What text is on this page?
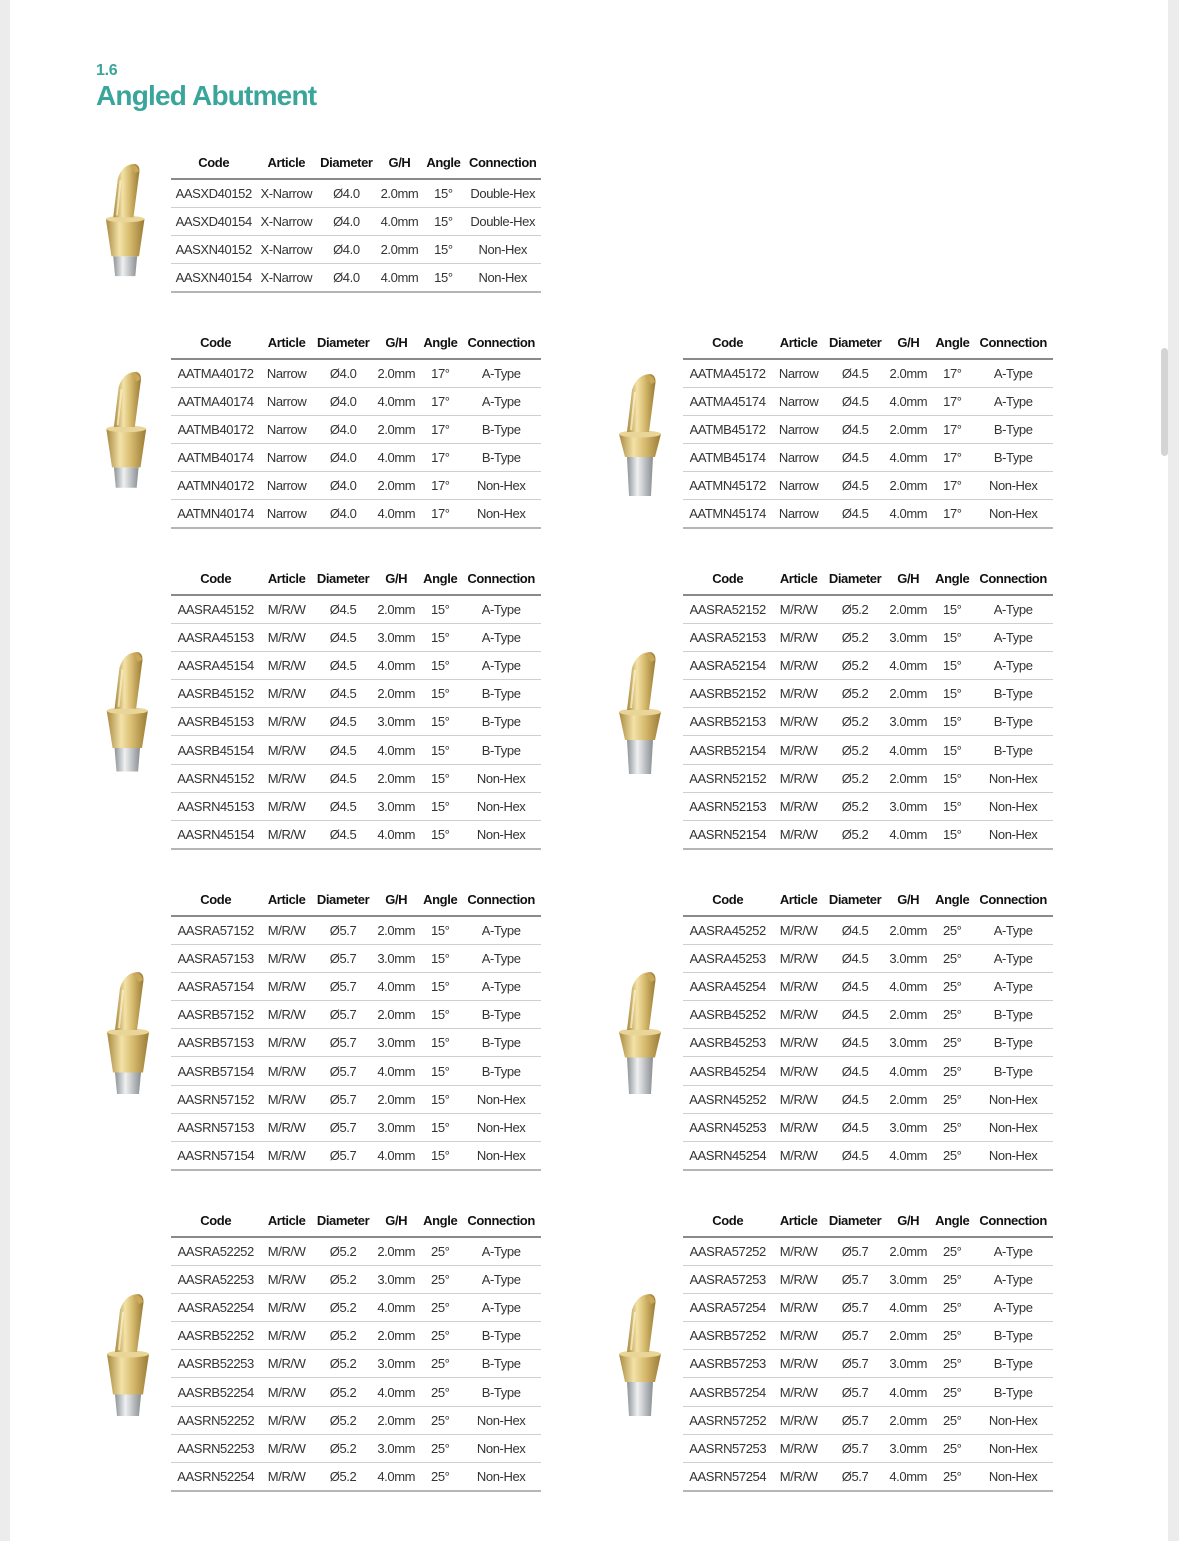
1.6
Angled Abutment
Code	Article	Diameter	G/H	Angle	Connection
AASXD40152	X-Narrow	Ø4.0	2.0mm	15°	Double-Hex
AASXD40154	X-Narrow	Ø4.0	4.0mm	15°	Double-Hex
AASXN40152	X-Narrow	Ø4.0	2.0mm	15°	Non-Hex
AASXN40154	X-Narrow	Ø4.0	4.0mm	15°	Non-Hex
Code	Article	Diameter	G/H	Angle	Connection
AATMA40172	Narrow	Ø4.0	2.0mm	17°	A-Type
AATMA40174	Narrow	Ø4.0	4.0mm	17°	A-Type
AATMB40172	Narrow	Ø4.0	2.0mm	17°	B-Type
AATMB40174	Narrow	Ø4.0	4.0mm	17°	B-Type
AATMN40172	Narrow	Ø4.0	2.0mm	17°	Non-Hex
AATMN40174	Narrow	Ø4.0	4.0mm	17°	Non-Hex
Code	Article	Diameter	G/H	Angle	Connection
AATMA45172	Narrow	Ø4.5	2.0mm	17°	A-Type
AATMA45174	Narrow	Ø4.5	4.0mm	17°	A-Type
AATMB45172	Narrow	Ø4.5	2.0mm	17°	B-Type
AATMB45174	Narrow	Ø4.5	4.0mm	17°	B-Type
AATMN45172	Narrow	Ø4.5	2.0mm	17°	Non-Hex
AATMN45174	Narrow	Ø4.5	4.0mm	17°	Non-Hex
Code	Article	Diameter	G/H	Angle	Connection
AASRA45152	M/R/W	Ø4.5	2.0mm	15°	A-Type
AASRA45153	M/R/W	Ø4.5	3.0mm	15°	A-Type
AASRA45154	M/R/W	Ø4.5	4.0mm	15°	A-Type
AASRB45152	M/R/W	Ø4.5	2.0mm	15°	B-Type
AASRB45153	M/R/W	Ø4.5	3.0mm	15°	B-Type
AASRB45154	M/R/W	Ø4.5	4.0mm	15°	B-Type
AASRN45152	M/R/W	Ø4.5	2.0mm	15°	Non-Hex
AASRN45153	M/R/W	Ø4.5	3.0mm	15°	Non-Hex
AASRN45154	M/R/W	Ø4.5	4.0mm	15°	Non-Hex
Code	Article	Diameter	G/H	Angle	Connection
AASRA52152	M/R/W	Ø5.2	2.0mm	15°	A-Type
AASRA52153	M/R/W	Ø5.2	3.0mm	15°	A-Type
AASRA52154	M/R/W	Ø5.2	4.0mm	15°	A-Type
AASRB52152	M/R/W	Ø5.2	2.0mm	15°	B-Type
AASRB52153	M/R/W	Ø5.2	3.0mm	15°	B-Type
AASRB52154	M/R/W	Ø5.2	4.0mm	15°	B-Type
AASRN52152	M/R/W	Ø5.2	2.0mm	15°	Non-Hex
AASRN52153	M/R/W	Ø5.2	3.0mm	15°	Non-Hex
AASRN52154	M/R/W	Ø5.2	4.0mm	15°	Non-Hex
Code	Article	Diameter	G/H	Angle	Connection
AASRA57152	M/R/W	Ø5.7	2.0mm	15°	A-Type
AASRA57153	M/R/W	Ø5.7	3.0mm	15°	A-Type
AASRA57154	M/R/W	Ø5.7	4.0mm	15°	A-Type
AASRB57152	M/R/W	Ø5.7	2.0mm	15°	B-Type
AASRB57153	M/R/W	Ø5.7	3.0mm	15°	B-Type
AASRB57154	M/R/W	Ø5.7	4.0mm	15°	B-Type
AASRN57152	M/R/W	Ø5.7	2.0mm	15°	Non-Hex
AASRN57153	M/R/W	Ø5.7	3.0mm	15°	Non-Hex
AASRN57154	M/R/W	Ø5.7	4.0mm	15°	Non-Hex
Code	Article	Diameter	G/H	Angle	Connection
AASRA45252	M/R/W	Ø4.5	2.0mm	25°	A-Type
AASRA45253	M/R/W	Ø4.5	3.0mm	25°	A-Type
AASRA45254	M/R/W	Ø4.5	4.0mm	25°	A-Type
AASRB45252	M/R/W	Ø4.5	2.0mm	25°	B-Type
AASRB45253	M/R/W	Ø4.5	3.0mm	25°	B-Type
AASRB45254	M/R/W	Ø4.5	4.0mm	25°	B-Type
AASRN45252	M/R/W	Ø4.5	2.0mm	25°	Non-Hex
AASRN45253	M/R/W	Ø4.5	3.0mm	25°	Non-Hex
AASRN45254	M/R/W	Ø4.5	4.0mm	25°	Non-Hex
Code	Article	Diameter	G/H	Angle	Connection
AASRA52252	M/R/W	Ø5.2	2.0mm	25°	A-Type
AASRA52253	M/R/W	Ø5.2	3.0mm	25°	A-Type
AASRA52254	M/R/W	Ø5.2	4.0mm	25°	A-Type
AASRB52252	M/R/W	Ø5.2	2.0mm	25°	B-Type
AASRB52253	M/R/W	Ø5.2	3.0mm	25°	B-Type
AASRB52254	M/R/W	Ø5.2	4.0mm	25°	B-Type
AASRN52252	M/R/W	Ø5.2	2.0mm	25°	Non-Hex
AASRN52253	M/R/W	Ø5.2	3.0mm	25°	Non-Hex
AASRN52254	M/R/W	Ø5.2	4.0mm	25°	Non-Hex
Code	Article	Diameter	G/H	Angle	Connection
AASRA57252	M/R/W	Ø5.7	2.0mm	25°	A-Type
AASRA57253	M/R/W	Ø5.7	3.0mm	25°	A-Type
AASRA57254	M/R/W	Ø5.7	4.0mm	25°	A-Type
AASRB57252	M/R/W	Ø5.7	2.0mm	25°	B-Type
AASRB57253	M/R/W	Ø5.7	3.0mm	25°	B-Type
AASRB57254	M/R/W	Ø5.7	4.0mm	25°	B-Type
AASRN57252	M/R/W	Ø5.7	2.0mm	25°	Non-Hex
AASRN57253	M/R/W	Ø5.7	3.0mm	25°	Non-Hex
AASRN57254	M/R/W	Ø5.7	4.0mm	25°	Non-Hex
